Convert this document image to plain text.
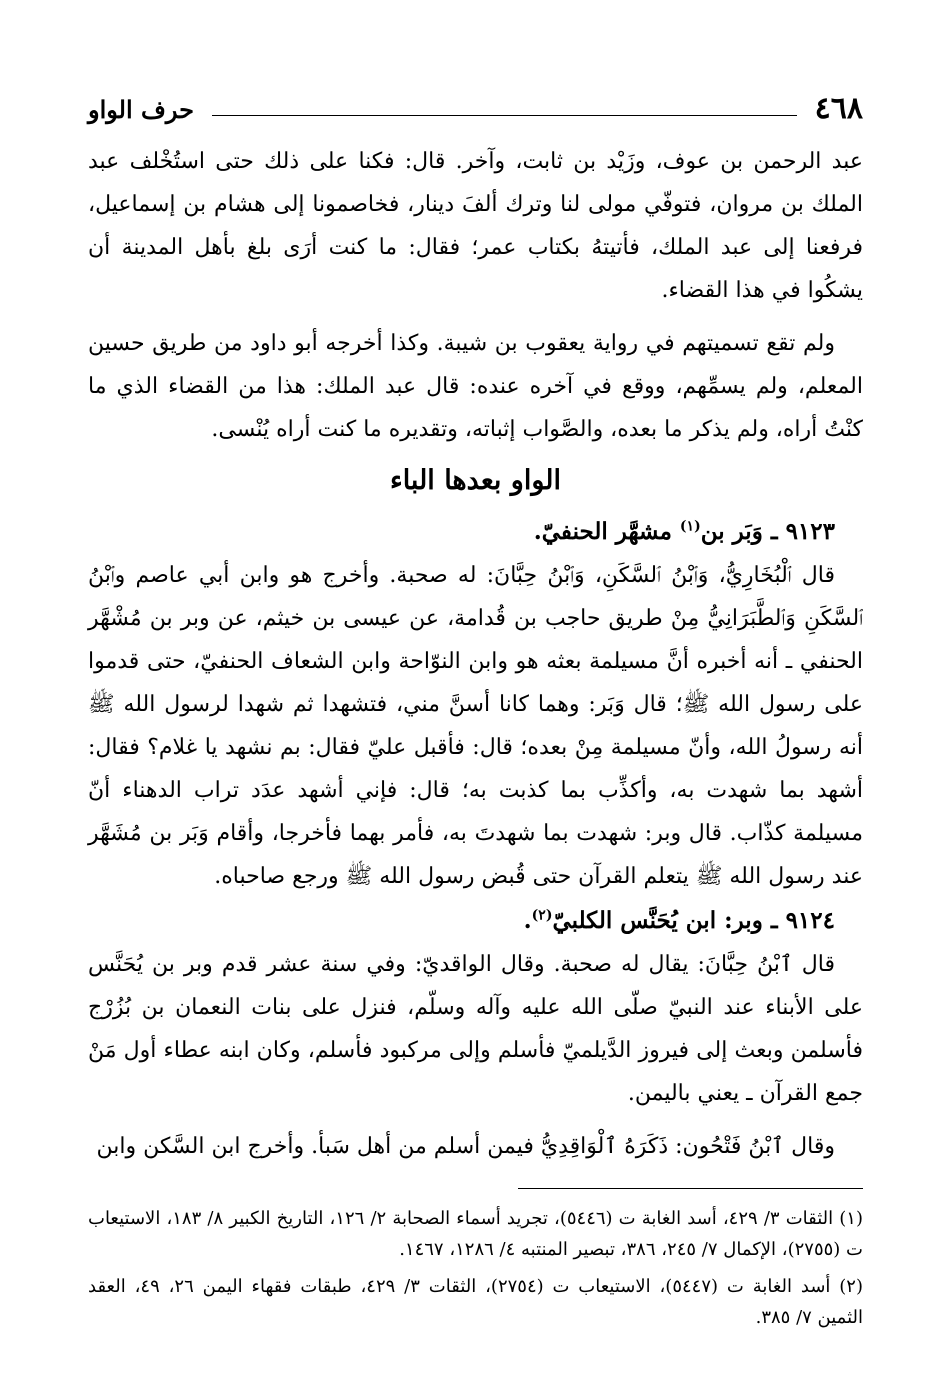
٤٦٨
حرف الواو

عبد الرحمن بن عوف، وزَيْد بن ثابت، وآخر. قال: فكنا على ذلك حتى استُخْلف عبد الملك بن مروان، فتوفّي مولى لنا وترك ألفَ دينار، فخاصمونا إلى هشام بن إسماعيل، فرفعنا إلى عبد الملك، فأتيتهُ بكتاب عمر؛ فقال: ما كنت أرَى بلغ بأهل المدينة أن يشكُوا في هذا القضاء.

ولم تقع تسميتهم في رواية يعقوب بن شيبة. وكذا أخرجه أبو داود من طريق حسين المعلم، ولم يسمِّهم، ووقع في آخره عنده: قال عبد الملك: هذا من القضاء الذي ما كنْتُ أراه، ولم يذكر ما بعده، والصَّواب إثباته، وتقديره ما كنت أراه يُنْسى.

الواو بعدها الباء
٩١٢٣ ـ وَبَر بن$^{(١)}$ مشهَّر الحنفيّ.

قال ٱلْبُخَارِيُّ، وَٱبْنُ ٱلسَّكَنِ، وَٱبْنُ حِبَّانَ: له صحبة. وأخرج هو وابن أبي عاصم وٱبْنُ ٱلسَّكَنِ وَٱلطَّبَرَانِيُّ مِنْ طريق حاجب بن قُدامة، عن عيسى بن خيثم، عن وبر بن مُشْهَّر الحنفي ـ أنه أخبره أنَّ مسيلمة بعثه هو وابن النوّاحة وابن الشعاف الحنفيّ، حتى قدموا على رسول الله ﷺ؛ قال وَبَر: وهما كانا أسنَّ مني، فتشهدا ثم شهدا لرسول الله ﷺ أنه رسولُ الله، وأنّ مسيلمة مِنْ بعده؛ قال: فأقبل عليّ فقال: بم نشهد يا غلام؟ فقال: أشهد بما شهدت به، وأكذِّب بما كذبت به؛ قال: فإني أشهد عدَد تراب الدهناء أنّ مسيلمة كذّاب. قال وبر: شهدت بما شهدتَ به، فأمر بهما فأخرجا، وأقام وَبَر بن مُشَهَّر عند رسول الله ﷺ يتعلم القرآن حتى قُبض رسول الله ﷺ ورجع صاحباه.

٩١٢٤ ـ وبر: ابن يُحَنَّس الكلبيّ$^{(٢)}$.

قال ٱبْنُ حِبَّانَ: يقال له صحبة. وقال الواقديّ: وفي سنة عشر قدم وبر بن يُحَنَّس على الأبناء عند النبيّ صلّى الله عليه وآله وسلّم، فنزل على بنات النعمان بن بُزُرْج فأسلمن وبعث إلى فيروز الدَّيلميّ فأسلم وإلى مركبود فأسلم، وكان ابنه عطاء أول مَنْ جمع القرآن ـ يعني باليمن.

وقال ٱبْنُ فَتْحُون: ذَكَرَهُ ٱلْوَاقِدِيُّ فيمن أسلم من أهل سَبأ. وأخرج ابن السَّكن وابن

(١) الثقات ٣/ ٤٢٩، أسد الغابة ت (٥٤٤٦)، تجريد أسماء الصحابة ٢/ ١٢٦، التاريخ الكبير ٨/ ١٨٣، الاستيعاب ت (٢٧٥٥)، الإكمال ٧/ ٢٤٥، ٣٨٦، تبصير المنتبه ٤/ ١٢٨٦، ١٤٦٧.

(٢) أسد الغابة ت (٥٤٤٧)، الاستيعاب ت (٢٧٥٤)، الثقات ٣/ ٤٢٩، طبقات فقهاء اليمن ٢٦، ٤٩، العقد الثمين ٧/ ٣٨٥.
